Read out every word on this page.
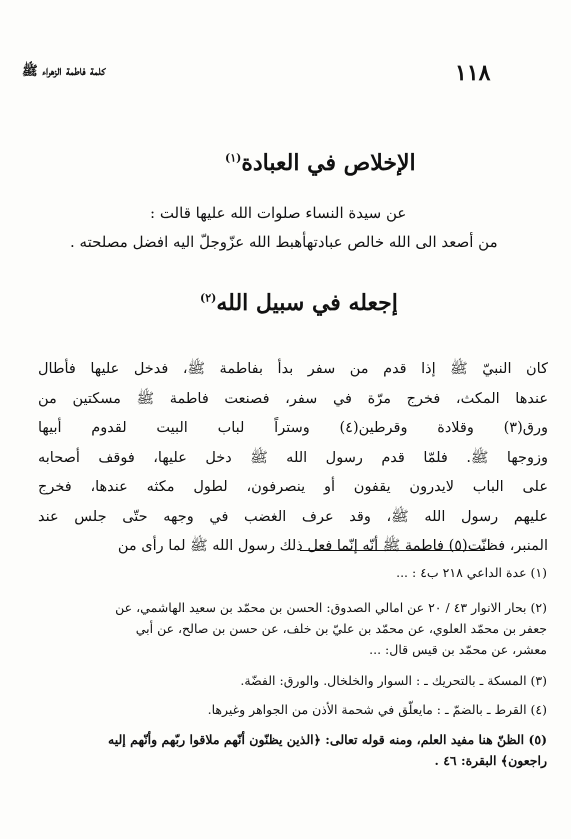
١١٨
كلمة فاطمة الزهراء ﷺ
الإخلاص في العبادة$^{(١)}$
عن سيدة النساء صلوات الله عليها قالت :
من أصعد الى الله خالص عبادتهأهبط الله عزّوجلّ اليه افضل مصلحته .
إجعله في سبيل الله$^{(٢)}$
كان النبيّ ﷺ إذا قدم من سفر بدأ بفاطمة ﷺ، فدخل عليها فأطال
عندها المكث، فخرج مرّة في سفر، فصنعت فاطمة ﷺ مسكتين من
ورق(٣) وقلادة وقرطين(٤) وستراً لباب البيت لقدوم أبيها
وزوجها ﷺ. فلمّا قدم رسول الله ﷺ دخل عليها، فوقف أصحابه
على الباب لايدرون يقفون أو ينصرفون، لطول مكثه عندها، فخرج
عليهم رسول الله ﷺ، وقد عرف الغضب في وجهه حتّى جلس عند
المنبر، فظنّت(٥) فاطمة ﷺ أنّه إنّما فعل ذلك رسول الله ﷺ لما رأى من
(١) عدة الداعي ٢١٨ ب٤ : ...
(٢) بحار الانوار ٤٣ / ٢٠ عن امالي الصدوق: الحسن بن محمّد بن سعيد الهاشمي، عن
جعفر بن محمّد العلوي، عن محمّد بن عليّ بن خلف، عن حسن بن صالح، عن أبي
معشر، عن محمّد بن قيس قال: ...
(٣) المسكة ـ بالتحريك ـ : السوار والخلخال. والورق: الفضّة.
(٤) القرط ـ بالضمّ ـ : مايعلّق في شحمة الأذن من الجواهر وغيرها.
(٥) الظنّ هنا مفيد العلم، ومنه قوله تعالى: ﴿الذين يظنّون أنّهم ملاقوا ربّهم وأنّهم إليه
راجعون﴾ البقرة: ٤٦ .
